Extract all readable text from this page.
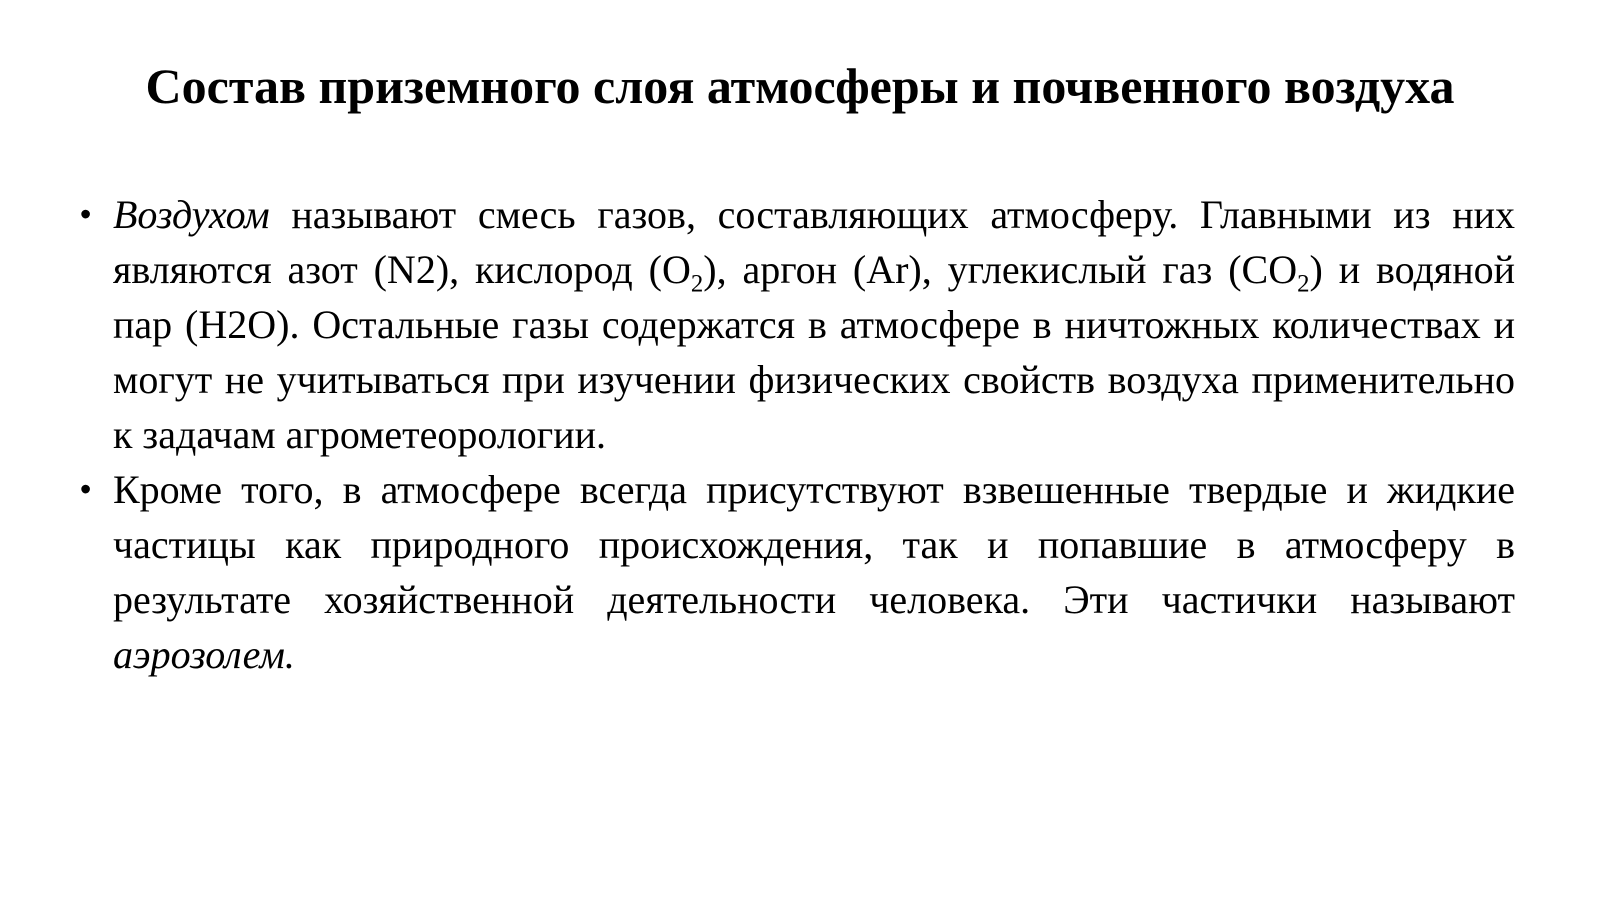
Состав приземного слоя атмосферы и почвенного воздуха
• Воздухом называют смесь газов, составляющих атмосферу. Главными из них являются азот (N2), кислород $(O_2)$, аргон (Ar), углекислый газ $(CO_2)$ и водяной пар (H2O). Остальные газы содержатся в атмосфере в ничтожных количествах и могут не учитываться при изучении физических свойств воздуха применительно к задачам агрометеорологии.
• Кроме того, в атмосфере всегда присутствуют взвешенные твердые и жидкие частицы как природного происхождения, так и попавшие в атмосферу в результате хозяйственной деятельности человека. Эти частички называют аэрозолем.
